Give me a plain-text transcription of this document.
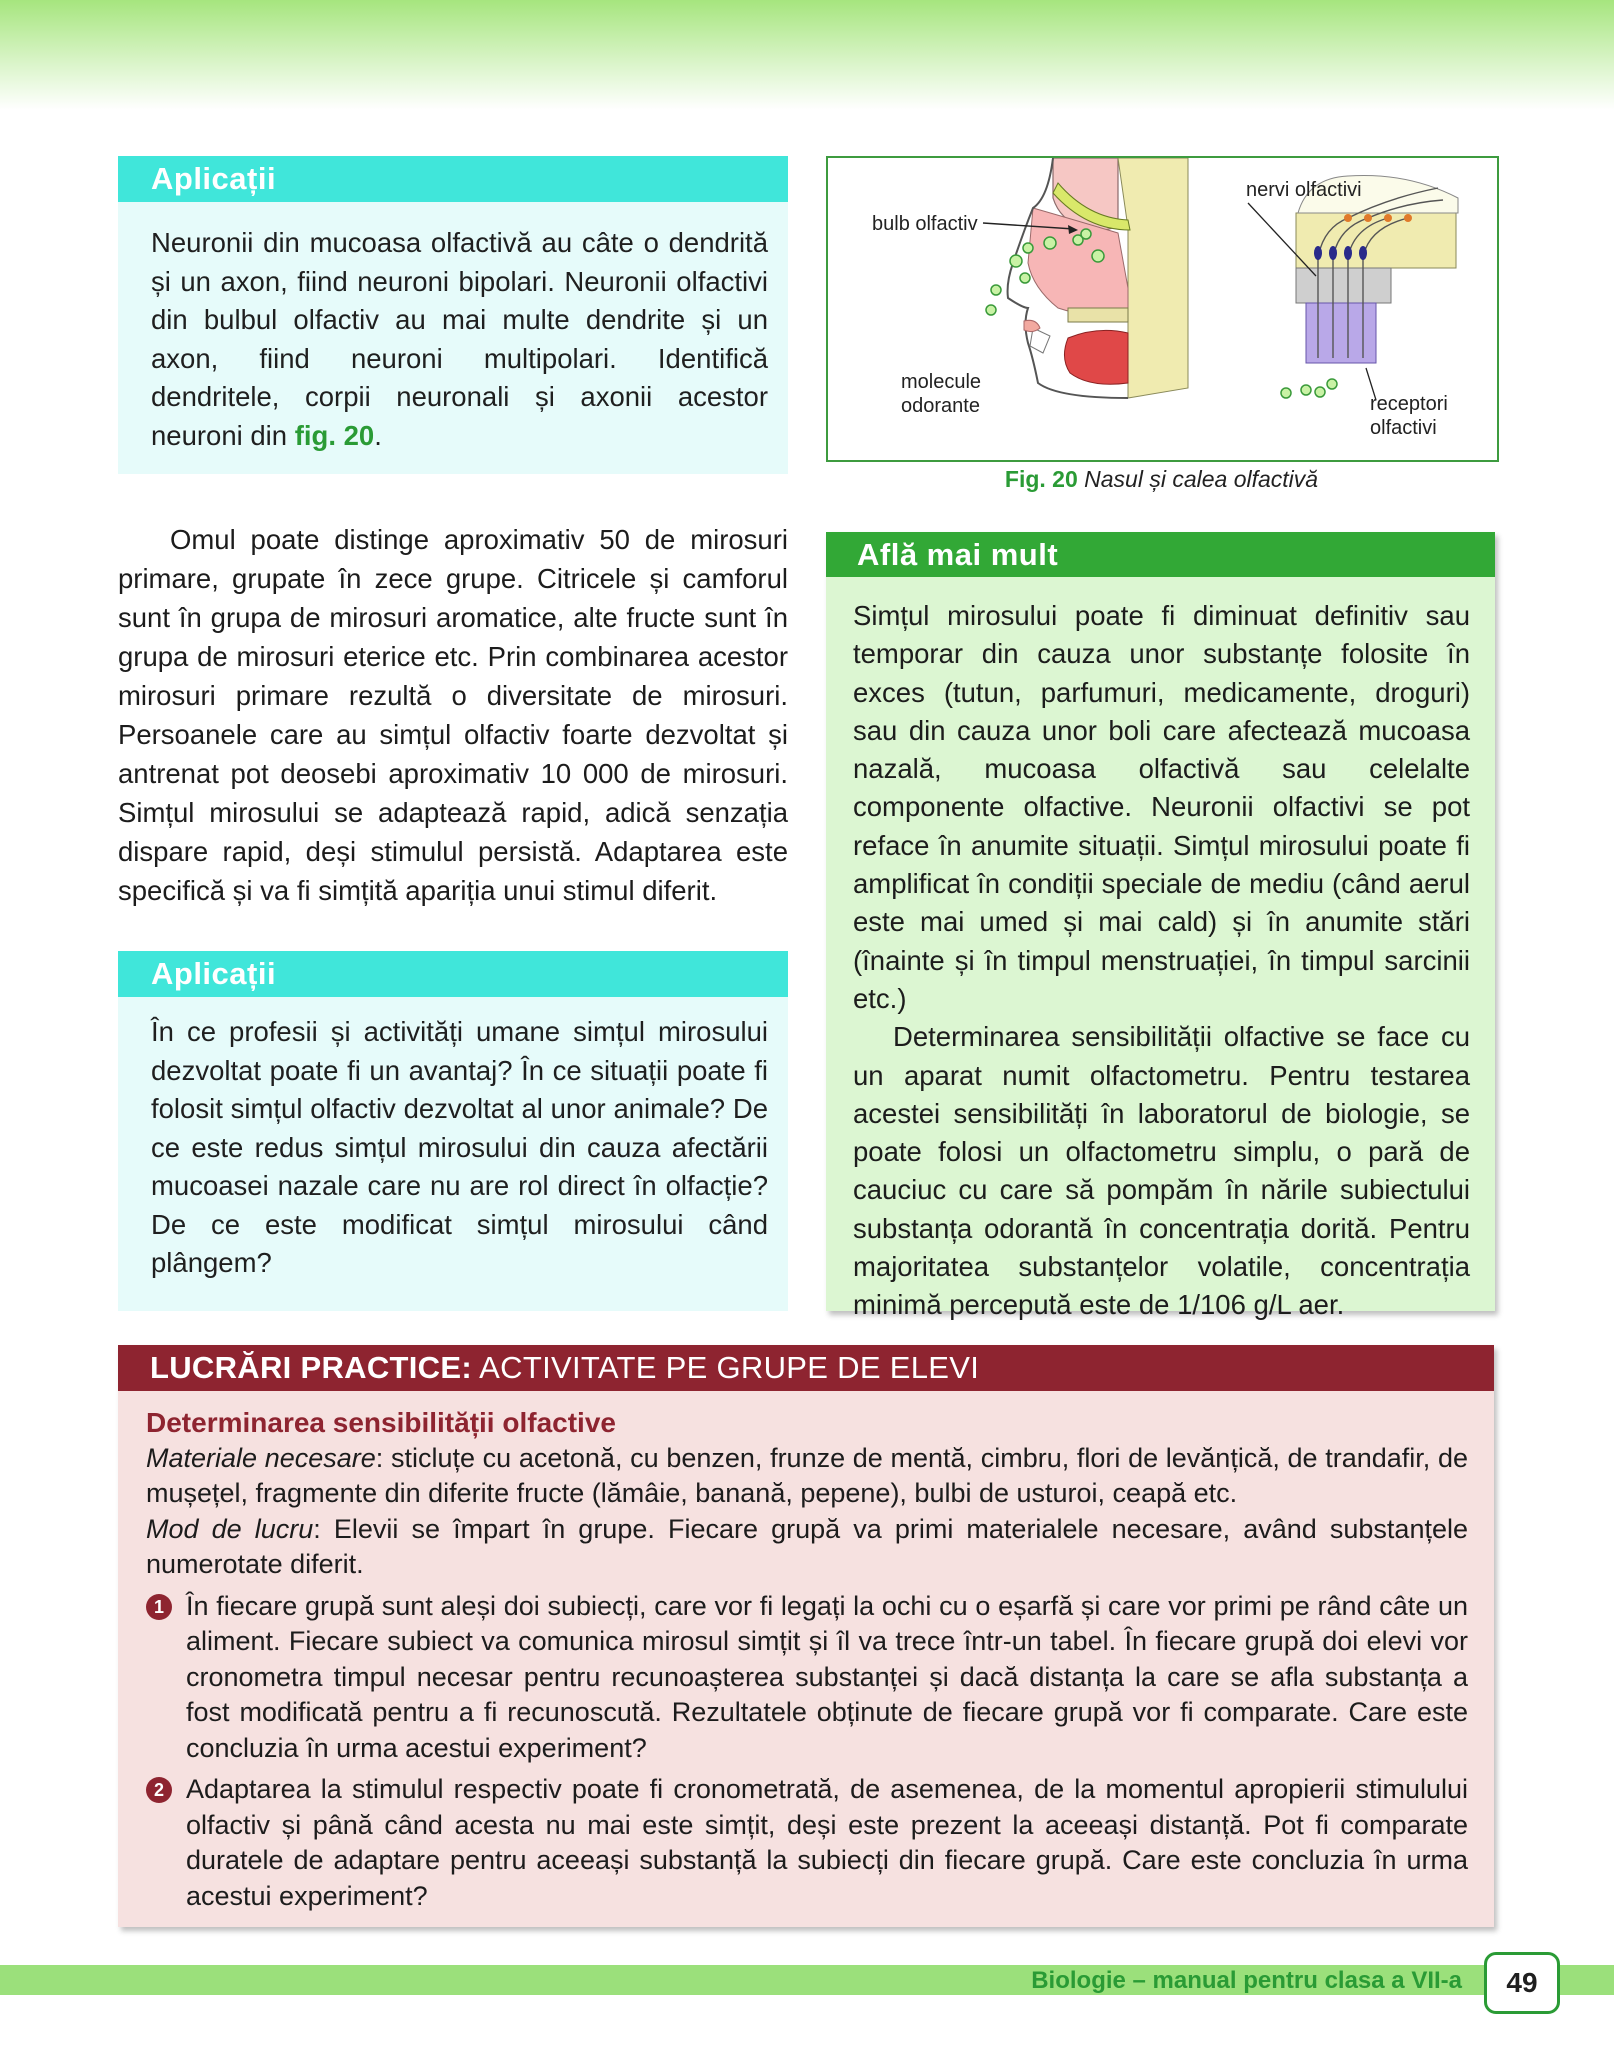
Aplicații
Neuronii din mucoasa olfactivă au câte o dendrită și un axon, fiind neuroni bipolari. Neuronii olfactivi din bulbul olfactiv au mai multe dendrite și un axon, fiind neuroni multipolari. Identifică dendritele, corpii neuronali și axonii acestor neuroni din fig. 20.
Omul poate distinge aproximativ 50 de mirosuri primare, grupate în zece grupe. Citricele și camforul sunt în grupa de mirosuri aromatice, alte fructe sunt în grupa de mirosuri eterice etc. Prin combinarea acestor mirosuri primare rezultă o diversitate de mirosuri. Persoanele care au simțul olfactiv foarte dezvoltat și antrenat pot deosebi aproximativ 10 000 de mirosuri. Simțul mirosului se adaptează rapid, adică senzația dispare rapid, deși stimulul persistă. Adaptarea este specifică și va fi simțită apariția unui stimul diferit.
Aplicații
În ce profesii și activități umane simțul mirosului dezvoltat poate fi un avantaj? În ce situații poate fi folosit simțul olfactiv dezvoltat al unor animale? De ce este redus simțul mirosului din cauza afectării mucoasei nazale care nu are rol direct în olfacție? De ce este modificat simțul mirosului când plângem?
bulb olfactiv
nervi olfactivi
molecule
odorante	receptori
olfactivi
Fig. 20 Nasul și calea olfactivă
Află mai mult

Simțul mirosului poate fi diminuat definitiv sau temporar din cauza unor substanțe folosite în exces (tutun, parfumuri, medicamente, droguri) sau din cauza unor boli care afectează mucoasa nazală, mucoasa olfactivă sau celelalte componente olfactive. Neuronii olfactivi se pot reface în anumite situații. Simțul mirosului poate fi amplificat în condiții speciale de mediu (când aerul este mai umed și mai cald) și în anumite stări (înainte și în timpul menstruației, în timpul sarcinii etc.)

Determinarea sensibilității olfactive se face cu un aparat numit olfactometru. Pentru testarea acestei sensibilități în laboratorul de biologie, se poate folosi un olfactometru simplu, o pară de cauciuc cu care să pompăm în nările subiectului substanța odorantă în concentrația dorită. Pentru majoritatea substanțelor volatile, concentrația minimă percepută este de 1/106 g/L aer.

LUCRĂRI PRACTICE: ACTIVITATE PE GRUPE DE ELEVI

Determinarea sensibilității olfactive

Materiale necesare: sticluțe cu acetonă, cu benzen, frunze de mentă, cimbru, flori de levănțică, de trandafir, de mușețel, fragmente din diferite fructe (lămâie, banană, pepene), bulbi de usturoi, ceapă etc.

Mod de lucru: Elevii se împart în grupe. Fiecare grupă va primi materialele necesare, având substanțele numerotate diferit.

1 În fiecare grupă sunt aleși doi subiecți, care vor fi legați la ochi cu o eșarfă și care vor primi pe rând câte un aliment. Fiecare subiect va comunica mirosul simțit și îl va trece într-un tabel. În fiecare grupă doi elevi vor cronometra timpul necesar pentru recunoașterea substanței și dacă distanța la care se afla substanța a fost modificată pentru a fi recunoscută. Rezultatele obținute de fiecare grupă vor fi comparate. Care este concluzia în urma acestui experiment?

2 Adaptarea la stimulul respectiv poate fi cronometrată, de asemenea, de la momentul apropierii stimulului olfactiv și până când acesta nu mai este simțit, deși este prezent la aceeași distanță. Pot fi comparate duratele de adaptare pentru aceeași substanță la subiecți din fiecare grupă. Care este concluzia în urma acestui experiment?

Biologie – manual pentru clasa a VII-a	49
